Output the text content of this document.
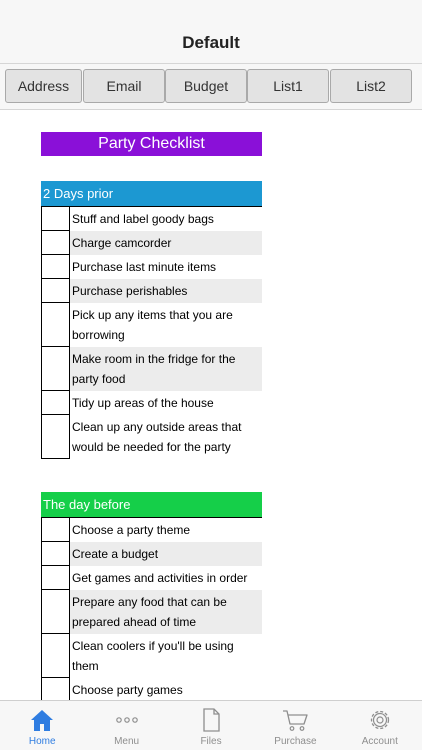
Default
Address	Email	Budget	List1	List2
Party Checklist
2 Days prior
Stuff and label goody bags
Charge camcorder
Purchase last minute items
Purchase perishables
Pick up any items that you are borrowing
Make room in the fridge for the party food
Tidy up areas of the house
Clean up any outside areas that would be needed for the party
The day before
Choose a party theme
Create a budget
Get games and activities in order
Prepare any food that can be prepared ahead of time
Clean coolers if you'll be using them
Choose party games
Home	Menu	Files	Purchase	Account
